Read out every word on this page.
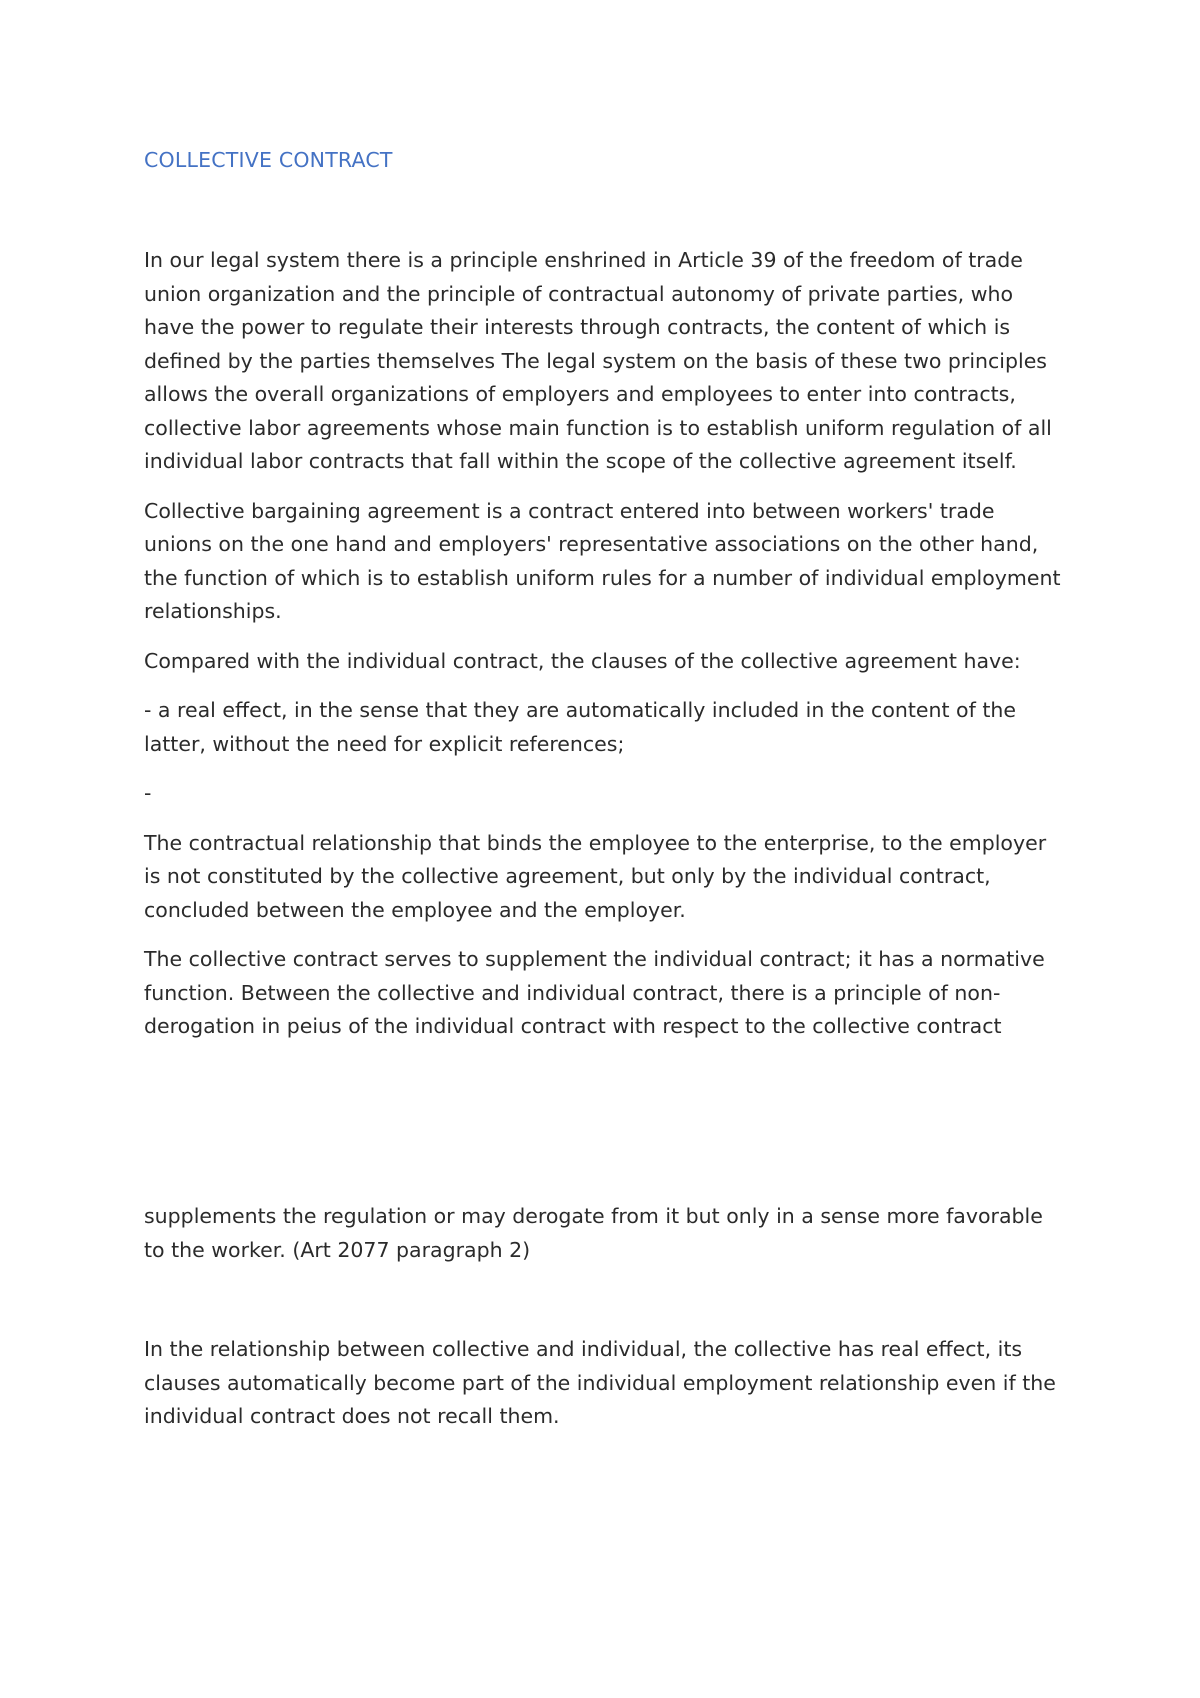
COLLECTIVE CONTRACT

In our legal system there is a principle enshrined in Article 39 of the freedom of trade union organization and the principle of contractual autonomy of private parties, who have the power to regulate their interests through contracts, the content of which is defined by the parties themselves The legal system on the basis of these two principles allows the overall organizations of employers and employees to enter into contracts, collective labor agreements whose main function is to establish uniform regulation of all individual labor contracts that fall within the scope of the collective agreement itself.

Collective bargaining agreement is a contract entered into between workers' trade unions on the one hand and employers' representative associations on the other hand, the function of which is to establish uniform rules for a number of individual employment relationships.

Compared with the individual contract, the clauses of the collective agreement have:

- a real effect, in the sense that they are automatically included in the content of the latter, without the need for explicit references;

-

The contractual relationship that binds the employee to the enterprise, to the employer is not constituted by the collective agreement, but only by the individual contract, concluded between the employee and the employer.

The collective contract serves to supplement the individual contract; it has a normative function. Between the collective and individual contract, there is a principle of non-derogation in peius of the individual contract with respect to the collective contract

supplements the regulation or may derogate from it but only in a sense more favorable to the worker. (Art 2077 paragraph 2)

In the relationship between collective and individual, the collective has real effect, its clauses automatically become part of the individual employment relationship even if the individual contract does not recall them.
